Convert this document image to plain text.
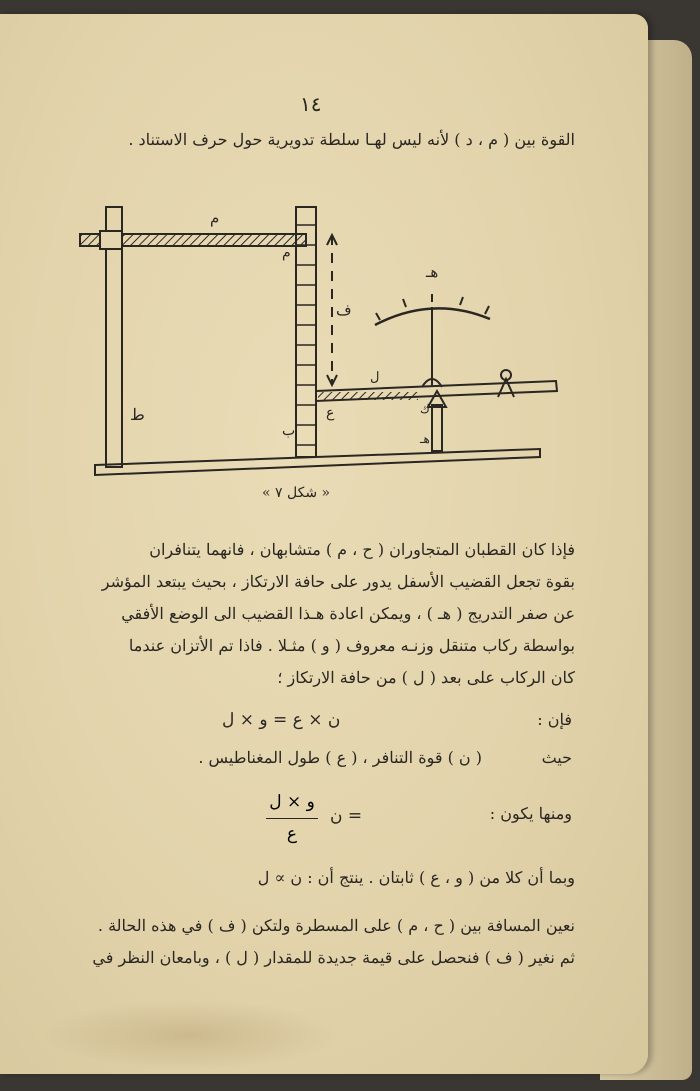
١٤
القوة بين ( م ، د ) لأنه ليس لهـا سلطة تدويرية حول حرف الاستناد .
م
ط
م
ع
ب
ف
هـ
ل
ك
هـ
« شكل ٧ »
فإذا كان القطبان المتجاوران ( ح ، م ) متشابهان ، فانهما يتنافران
بقوة تجعل القضيب الأسفل يدور على حافة الارتكاز ، بحيث يبتعد المؤشر
عن صفر التدريج ( هـ ) ، ويمكن اعادة هـذا القضيب الى الوضع الأفقي
بواسطة ركاب متنقل وزنـه معروف ( و ) مثـلا . فاذا تم الأتزان عندما
كان الركاب على بعد ( ل ) من حافة الارتكاز ؛
فإن :
ن × ع = و × ل
حيث
( ن ) قوة التنافر ، ( ع ) طول المغناطيس .
ومنها يكون :
ن =
و × ل
ع
وبما أن كلا من ( و ، ع ) ثابتان . ينتج أن : ن ∝ ل
نعين المسافة بين ( ح ، م ) على المسطرة ولتكن ( ف ) في هذه الحالة .
ثم نغير ( ف ) فنحصل على قيمة جديدة للمقدار ( ل ) ، وبامعان النظر في
